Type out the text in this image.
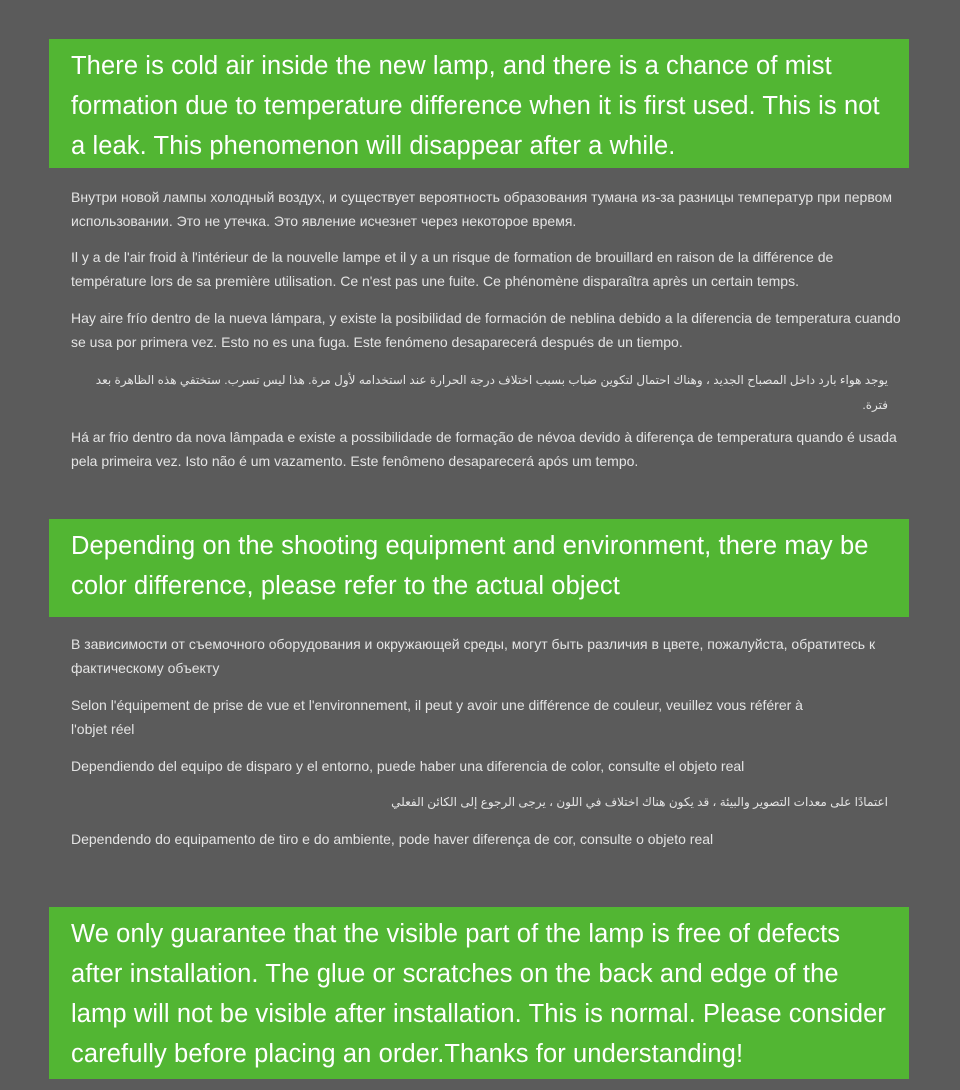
There is cold air inside the new lamp, and there is a chance of mist formation due to temperature difference when it is first used. This is not a leak. This phenomenon will disappear after a while.

Внутри новой лампы холодный воздух, и существует вероятность образования тумана из-за разницы температур при первом использовании. Это не утечка. Это явление исчезнет через некоторое время.

Il y a de l'air froid à l'intérieur de la nouvelle lampe et il y a un risque de formation de brouillard en raison de la différence de température lors de sa première utilisation. Ce n'est pas une fuite. Ce phénomène disparaîtra après un certain temps.

Hay aire frío dentro de la nueva lámpara, y existe la posibilidad de formación de neblina debido a la diferencia de temperatura cuando se usa por primera vez. Esto no es una fuga. Este fenómeno desaparecerá después de un tiempo.

يوجد هواء بارد داخل المصباح الجديد ، وهناك احتمال لتكوين ضباب بسبب اختلاف درجة الحرارة عند استخدامه لأول مرة. هذا ليس تسرب. ستختفي هذه الظاهرة بعد فترة.

Há ar frio dentro da nova lâmpada e existe a possibilidade de formação de névoa devido à diferença de temperatura quando é usada pela primeira vez. Isto não é um vazamento. Este fenômeno desaparecerá após um tempo.

Depending on the shooting equipment and environment, there may be color difference, please refer to the actual object

В зависимости от съемочного оборудования и окружающей среды, могут быть различия в цвете, пожалуйста, обратитесь к фактическому объекту

Selon l'équipement de prise de vue et l'environnement, il peut y avoir une différence de couleur, veuillez vous référer à l'objet réel

Dependiendo del equipo de disparo y el entorno, puede haber una diferencia de color, consulte el objeto real

اعتمادًا على معدات التصوير والبيئة ، قد يكون هناك اختلاف في اللون ، يرجى الرجوع إلى الكائن الفعلي

Dependendo do equipamento de tiro e do ambiente, pode haver diferença de cor, consulte o objeto real

We only guarantee that the visible part of the lamp is free of defects after installation. The glue or scratches on the back and edge of the lamp will not be visible after installation. This is normal. Please consider carefully before placing an order.Thanks for understanding!
